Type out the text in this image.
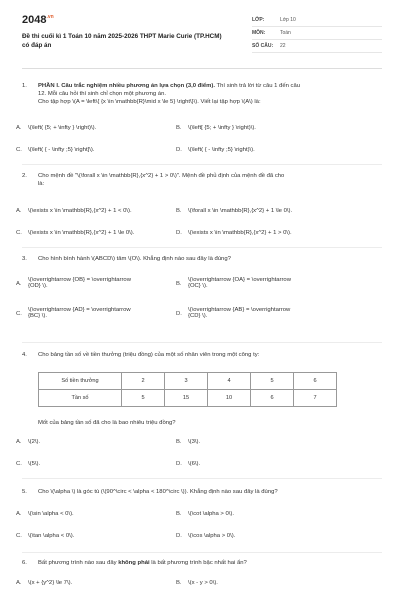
$2048^{.vn}$
Đề thi cuối kì 1 Toán 10 năm 2025-2026 THPT Marie Curie (TP.HCM) có đáp án
LỚP:	Lớp 10
MÔN:	Toán
SỐ CÂU:	22
1.	PHẦN I. Câu trắc nghiệm nhiều phương án lựa chọn (3,0 điểm). Thí sinh trả lời từ câu 1 đến câu
12. Mỗi câu hỏi thí sinh chỉ chọn một phương án.
Cho tập hợp \(A = \left\{ {x \in \mathbb{R}\mid x \le 5} \right\}\). Viết lại tập hợp \(A\) là:
A.	\(\left( {5; + \infty } \right)\).	B.	\(\left[ {5; + \infty } \right)\).
C.	\(\left( { - \infty ;5} \right]\).	D.	\(\left( { - \infty ;5} \right)\).
2.	Cho mệnh đề "\(\forall x \in \mathbb{R},{x^2} + 1 > 0\)". Mệnh đề phủ định của mệnh đề đã cho
là:
A.	\(\exists x \in \mathbb{R},{x^2} + 1 < 0\).	B.	\(\forall x \in \mathbb{R},{x^2} + 1 \le 0\).
C.	\(\exists x \in \mathbb{R},{x^2} + 1 \le 0\).	D.	\(\exists x \in \mathbb{R},{x^2} + 1 > 0\).
3.	Cho hình bình hành \(ABCD\) tâm \(O\). Khẳng định nào sau đây là đúng?
A.
\(\overrightarrow {OB} = \overrightarrow
{OD} \).	B.
\(\overrightarrow {OA} = \overrightarrow
{OC} \).
C.
\(\overrightarrow {AD} = \overrightarrow
{BC} \).	D.
\(\overrightarrow {AB} = \overrightarrow
{CD} \).
4.	Cho bảng tần số về tiền thưởng (triệu đồng) của một số nhân viên trong một công ty:
Số tiền thưởng	2	3	4	5	6
Tần số	5	15	10	6	7
Mốt của bảng tần số đã cho là bao nhiêu triệu đồng?
A.	\(2\).	B.	\(3\).
C.	\(5\).	D.	\(6\).
5.	Cho \(\alpha \) là góc tù (\(90^\circ < \alpha < 180^\circ \)). Khẳng định nào sau đây là đúng?
A.	\(\sin \alpha < 0\).	B.	\(\cot \alpha > 0\).
C.	\(\tan \alpha < 0\).	D.	\(\cos \alpha > 0\).
6.	Bất phương trình nào sau đây không phải là bất phương trình bậc nhất hai ẩn?
A.	\(x + {y^2} \le 7\).	B.	\(x - y > 0\).
